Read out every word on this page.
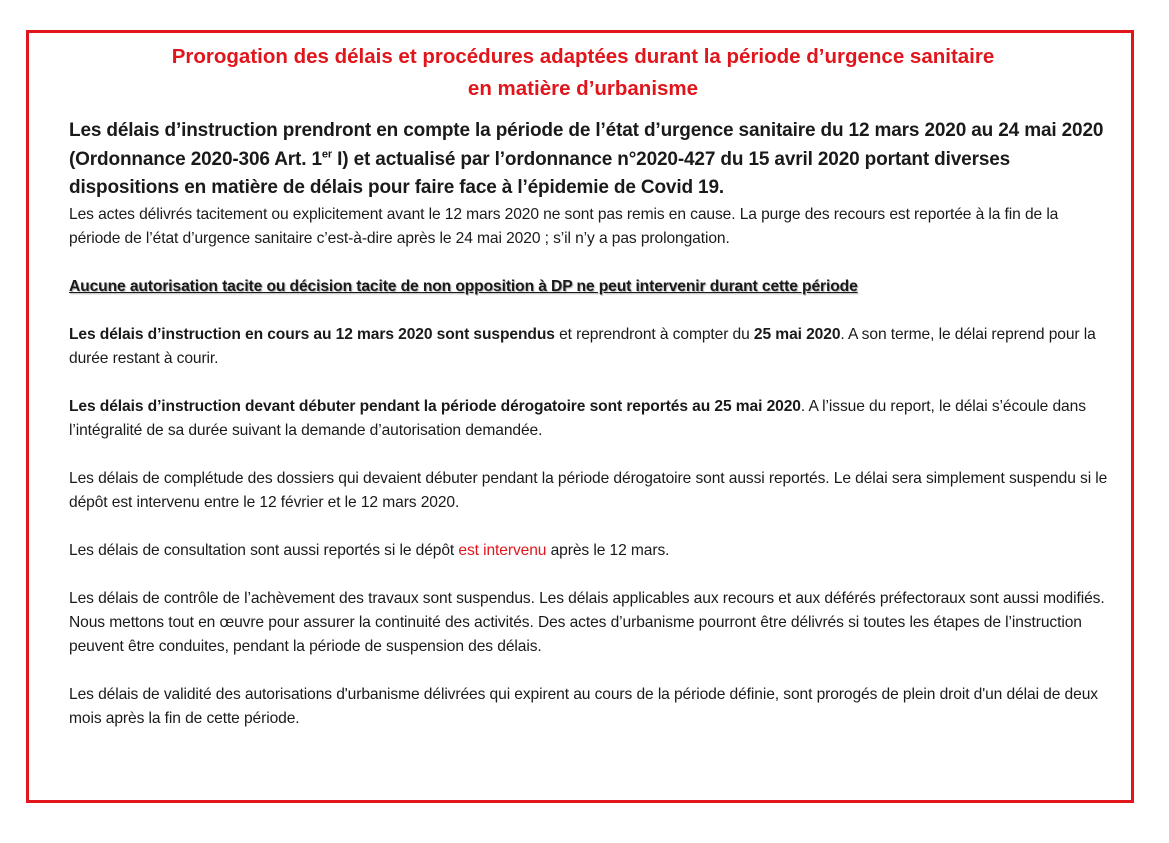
Prorogation des délais et procédures adaptées durant la période d’urgence sanitaire
en matière d’urbanisme
Les délais d’instruction prendront en compte la période de l’état d’urgence sanitaire du 12 mars 2020 au 24 mai 2020 (Ordonnance 2020-306 Art. 1er I) et actualisé par l’ordonnance n°2020-427 du 15 avril 2020 portant diverses dispositions en matière de délais pour faire face à l’épidemie de Covid 19.

Les actes délivrés tacitement ou explicitement avant le 12 mars 2020 ne sont pas remis en cause. La purge des recours est reportée à la fin de la période de l’état d’urgence sanitaire c’est-à-dire après le 24 mai 2020 ; s’il n’y a pas prolongation.

Aucune autorisation tacite ou décision tacite de non opposition à DP ne peut intervenir durant cette période

Les délais d’instruction en cours au 12 mars 2020 sont suspendus et reprendront à compter du 25 mai 2020. A son terme, le délai reprend pour la durée restant à courir.

Les délais d’instruction devant débuter pendant la période dérogatoire sont reportés au 25 mai 2020. A l’issue du report, le délai s’écoule dans l’intégralité de sa durée suivant la demande d’autorisation demandée.

Les délais de complétude des dossiers qui devaient débuter pendant la période dérogatoire sont aussi reportés. Le délai sera simplement suspendu si le dépôt est intervenu entre le 12 février et le 12 mars 2020.

Les délais de consultation sont aussi reportés si le dépôt est intervenu après le 12 mars.

Les délais de contrôle de l’achèvement des travaux sont suspendus. Les délais applicables aux recours et aux déférés préfectoraux sont aussi modifiés.

Nous mettons tout en œuvre pour assurer la continuité des activités. Des actes d’urbanisme pourront être délivrés si toutes les étapes de l’instruction peuvent être conduites, pendant la période de suspension des délais.

Les délais de validité des autorisations d'urbanisme délivrées qui expirent au cours de la période définie, sont prorogés de plein droit d'un délai de deux mois après la fin de cette période.
